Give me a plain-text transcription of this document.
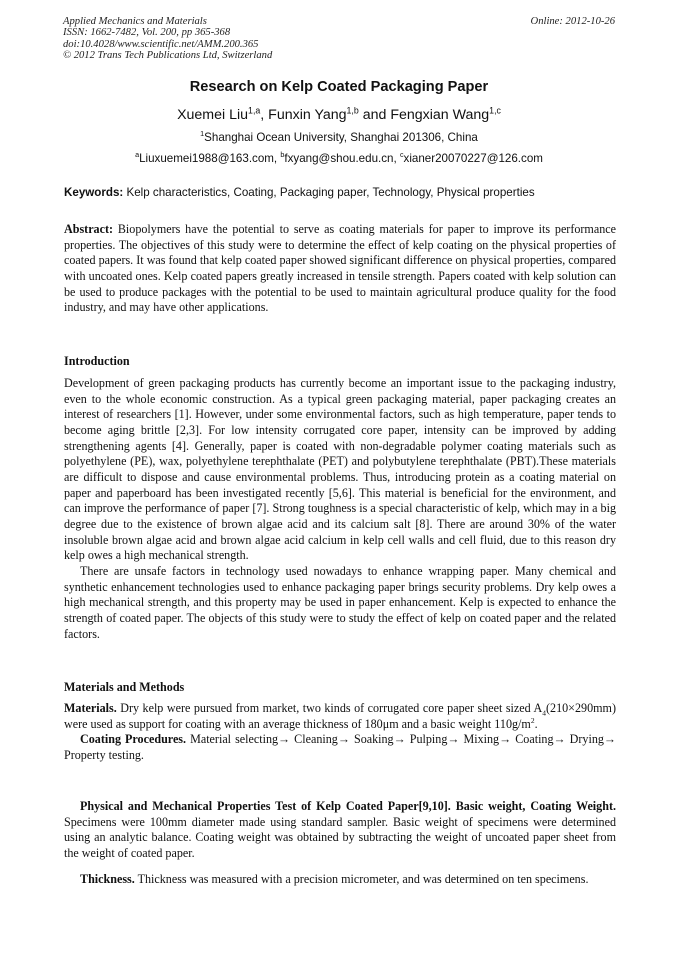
Applied Mechanics and Materials
ISSN: 1662-7482, Vol. 200, pp 365-368
doi:10.4028/www.scientific.net/AMM.200.365
© 2012 Trans Tech Publications Ltd, Switzerland
Online: 2012-10-26
Research on Kelp Coated Packaging Paper
Xuemei Liu$^{1,a}$, Funxin Yang$^{1,b}$ and Fengxian Wang$^{1,c}$
$^1$Shanghai Ocean University, Shanghai 201306, China
$^a$Liuxuemei1988@163.com, $^b$fxyang@shou.edu.cn, $^c$xianer20070227@126.com
Keywords: Kelp characteristics, Coating, Packaging paper, Technology, Physical properties

Abstract: Biopolymers have the potential to serve as coating materials for paper to improve its performance properties. The objectives of this study were to determine the effect of kelp coating on the physical properties of coated papers. It was found that kelp coated paper showed significant difference on physical properties, compared with uncoated ones. Kelp coated papers greatly increased in tensile strength. Papers coated with kelp solution can be used to produce packages with the potential to be used to maintain agricultural produce quality for the food industry, and may have other applications.

Introduction

Development of green packaging products has currently become an important issue to the packaging industry, even to the whole economic construction. As a typical green packaging material, paper packaging creates an interest of researchers [1]. However, under some environmental factors, such as high temperature, paper tends to become aging brittle [2,3]. For low intensity corrugated core paper, intensity can be improved by adding strengthening agents [4]. Generally, paper is coated with non-degradable polymer coating materials such as polyethylene (PE), wax, polyethylene terephthalate (PET) and polybutylene terephthalate (PBT).These materials are difficult to dispose and cause environmental problems. Thus, introducing protein as a coating material on paper and paperboard has been investigated recently [5,6]. This material is beneficial for the environment, and can improve the performance of paper [7]. Strong toughness is a special characteristic of kelp, which may in a big degree due to the existence of brown algae acid and its calcium salt [8]. There are around 30% of the water insoluble brown algae acid and brown algae acid calcium in kelp cell walls and cell fluid, due to this reason dry kelp owes a high mechanical strength.

There are unsafe factors in technology used nowadays to enhance wrapping paper. Many chemical and synthetic enhancement technologies used to enhance packaging paper brings security problems. Dry kelp owes a high mechanical strength, and this property may be used in paper enhancement. Kelp is expected to enhance the strength of coated paper. The objects of this study were to study the effect of kelp on coated paper and the related factors.

Materials and Methods

Materials. Dry kelp were pursued from market, two kinds of corrugated core paper sheet sized $A_4(210\times 290mm)$ were used as support for coating with an average thickness of 180μm and a basic weight $110g/m^2$.

Coating Procedures. Material selecting→ Cleaning→ Soaking→ Pulping→ Mixing→ Coating→ Drying→ Property testing.

Physical and Mechanical Properties Test of Kelp Coated Paper[9,10]. Basic weight, Coating Weight. Specimens were 100mm diameter made using standard sampler. Basic weight of specimens were determined using an analytic balance. Coating weight was obtained by subtracting the weight of uncoated paper sheet from the weight of coated paper.

Thickness. Thickness was measured with a precision micrometer, and was determined on ten specimens.
